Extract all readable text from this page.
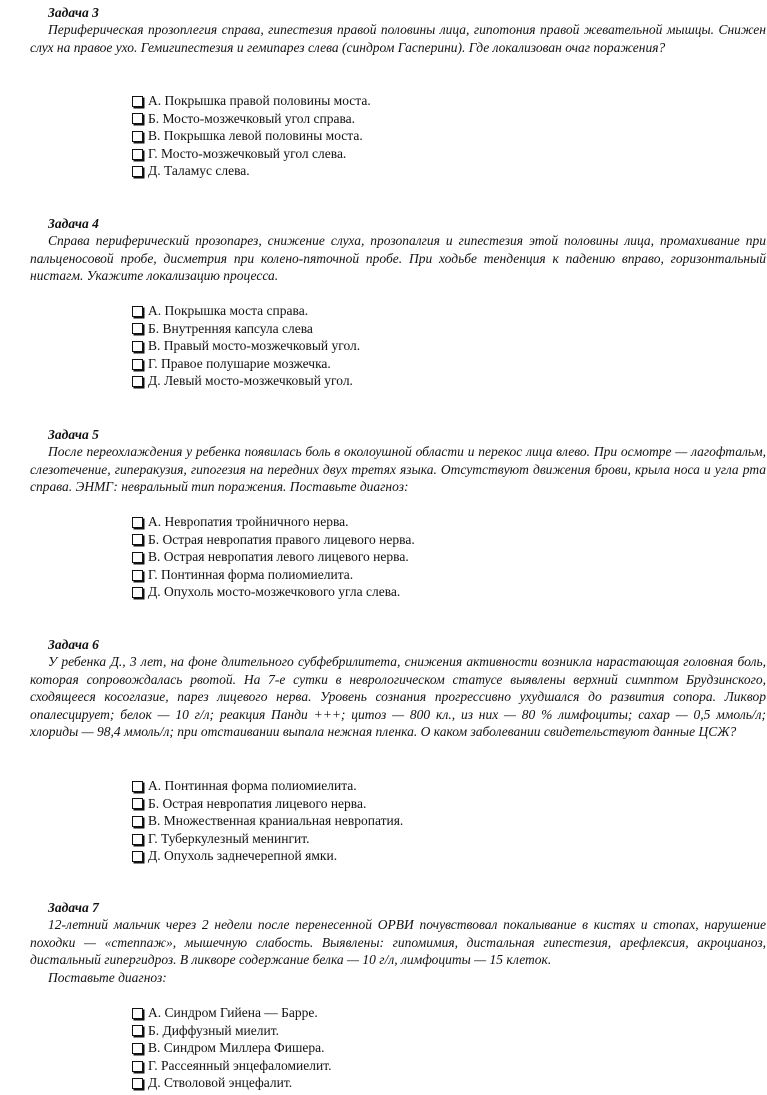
Задача 3
Периферическая прозоплегия справа, гипестезия правой половины лица, гипотония правой жевательной мышцы. Снижен слух на правое ухо. Гемигипестезия и гемипарез слева (синдром Гасперини). Где локализован очаг поражения?
А. Покрышка правой половины моста.
Б. Мосто-мозжечковый угол справа.
В. Покрышка левой половины моста.
Г. Мосто-мозжечковый угол слева.
Д. Таламус слева.
Задача 4
Справа периферический прозопарез, снижение слуха, прозопалгия и гипестезия этой половины лица, промахивание при пальценосовой пробе, дисметрия при колено-пяточной пробе. При ходьбе тенденция к падению вправо, горизонтальный нистагм. Укажите локализацию процесса.
А. Покрышка моста справа.
Б. Внутренняя капсула слева
В. Правый мосто-мозжечковый угол.
Г. Правое полушарие мозжечка.
Д. Левый мосто-мозжечковый угол.
Задача 5
После переохлаждения у ребенка появилась боль в околоушной области и перекос лица влево. При осмотре — лагофтальм, слезотечение, гиперакузия, гипогезия на передних двух третях языка. Отсутствуют движения брови, крыла носа и угла рта справа. ЭНМГ: невральный тип поражения. Поставьте диагноз:
А. Невропатия тройничного нерва.
Б. Острая невропатия правого лицевого нерва.
В. Острая невропатия левого лицевого нерва.
Г. Понтинная форма полиомиелита.
Д. Опухоль мосто-мозжечкового угла слева.
Задача 6
У ребенка Д., 3 лет, на фоне длительного субфебрилитета, снижения активности возникла нарастающая головная боль, которая сопровождалась рвотой. На 7-е сутки в неврологическом статусе выявлены верхний симптом Брудзинского, сходящееся косоглазие, парез лицевого нерва. Уровень сознания прогрессивно ухудшался до развития сопора. Ликвор опалесцирует; белок — 10 г/л; реакция Панди +++; цитоз — 800 кл., из них — 80 % лимфоциты; сахар — 0,5 ммоль/л; хлориды — 98,4 ммоль/л; при отстаивании выпала нежная пленка. О каком заболевании свидетельствуют данные ЦСЖ?
А. Понтинная форма полиомиелита.
Б. Острая невропатия лицевого нерва.
В. Множественная краниальная невропатия.
Г. Туберкулезный менингит.
Д. Опухоль заднечерепной ямки.
Задача 7
12-летний мальчик через 2 недели после перенесенной ОРВИ почувствовал покалывание в кистях и стопах, нарушение походки — «степпаж», мышечную слабость. Выявлены: гипомимия, дистальная гипестезия, арефлексия, акроцианоз, дистальный гипергидроз. В ликворе содержание белка — 10 г/л, лимфоциты — 15 клеток.
Поставьте диагноз:
А. Синдром Гийена — Барре.
Б. Диффузный миелит.
В. Синдром Миллера Фишера.
Г. Рассеянный энцефаломиелит.
Д. Стволовой энцефалит.
